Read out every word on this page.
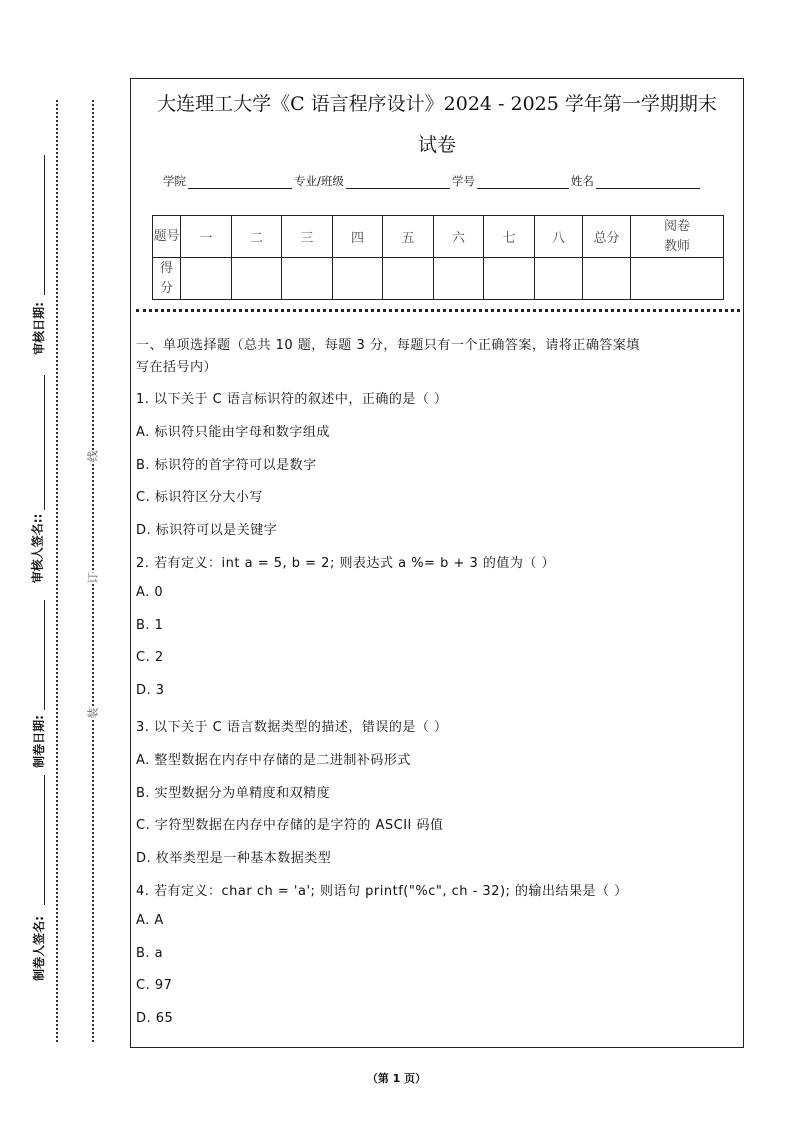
审核日期:
审核人签名::
制卷日期:
制卷人签名:
线
订
装
大连理工大学《C 语言程序设计》2024 - 2025 学年第一学期期末
试卷
学院	专业/班级	学号	姓名
题号	一	二	三	四	五	六	七	八	总分	阅卷教师
得分										
一、单项选择题（总共 10 题，每题 3 分，每题只有一个正确答案，请将正确答案填
写在括号内）
1. 以下关于 C 语言标识符的叙述中，正确的是（ ）
A. 标识符只能由字母和数字组成
B. 标识符的首字符可以是数字
C. 标识符区分大小写
D. 标识符可以是关键字
2. 若有定义：int a = 5, b = 2; 则表达式 a %= b + 3 的值为（ ）
A. 0
B. 1
C. 2
D. 3
3. 以下关于 C 语言数据类型的描述，错误的是（ ）
A. 整型数据在内存中存储的是二进制补码形式
B. 实型数据分为单精度和双精度
C. 字符型数据在内存中存储的是字符的 ASCII 码值
D. 枚举类型是一种基本数据类型
4. 若有定义：char ch = 'a'; 则语句 printf("%c", ch - 32); 的输出结果是（ ）
A. A
B. a
C. 97
D. 65
（第 1 页）
